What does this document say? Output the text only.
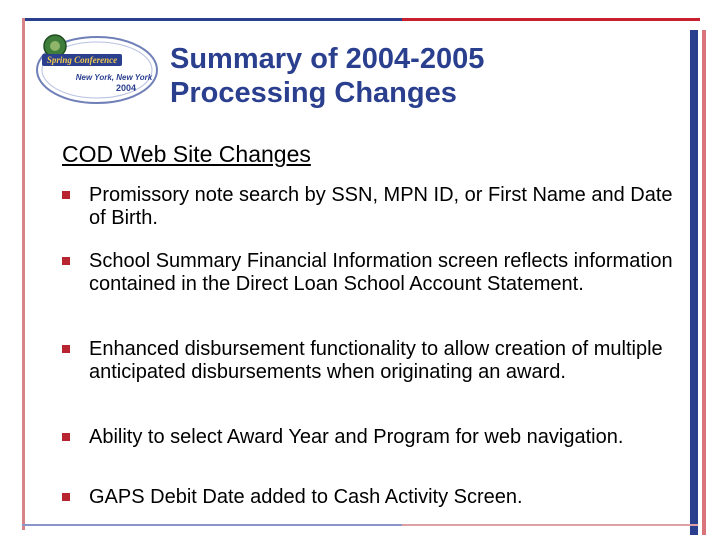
Spring Conference
New York, New York
2004
Summary of 2004-2005
Processing Changes
COD Web Site Changes
Promissory note search by SSN, MPN ID, or First Name and Date of Birth.
School Summary Financial Information screen reflects information contained in the Direct Loan School Account Statement.
Enhanced disbursement functionality to allow creation of multiple anticipated disbursements when originating an award.
Ability to select Award Year and Program for web navigation.
GAPS Debit Date added to Cash Activity Screen.
